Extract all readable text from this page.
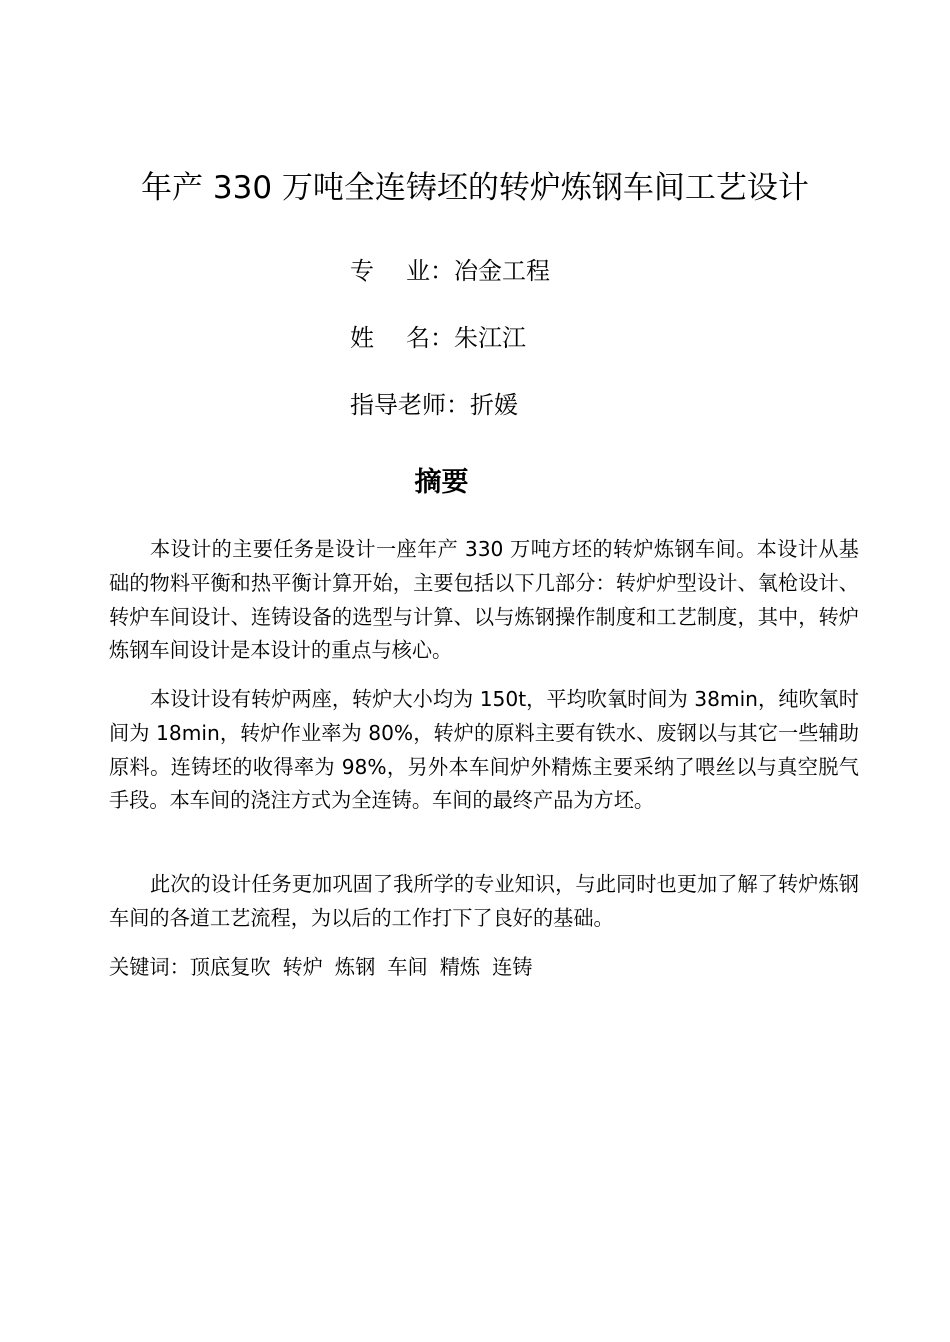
年产 330 万吨全连铸坯的转炉炼钢车间工艺设计
专 业：冶金工程
姓 名：朱江江
指导老师：折媛
摘要

本设计的主要任务是设计一座年产 330 万吨方坯的转炉炼钢车间。本设计从基础的物料平衡和热平衡计算开始，主要包括以下几部分：转炉炉型设计、氧枪设计、转炉车间设计、连铸设备的选型与计算、以与炼钢操作制度和工艺制度，其中，转炉炼钢车间设计是本设计的重点与核心。

本设计设有转炉两座，转炉大小均为 150t，平均吹氧时间为 38min，纯吹氧时间为 18min，转炉作业率为 80%，转炉的原料主要有铁水、废钢以与其它一些辅助原料。连铸坯的收得率为 98%，另外本车间炉外精炼主要采纳了喂丝以与真空脱气手段。本车间的浇注方式为全连铸。车间的最终产品为方坯。

此次的设计任务更加巩固了我所学的专业知识，与此同时也更加了解了转炉炼钢车间的各道工艺流程，为以后的工作打下了良好的基础。

关键词：顶底复吹 转炉 炼钢 车间 精炼 连铸
